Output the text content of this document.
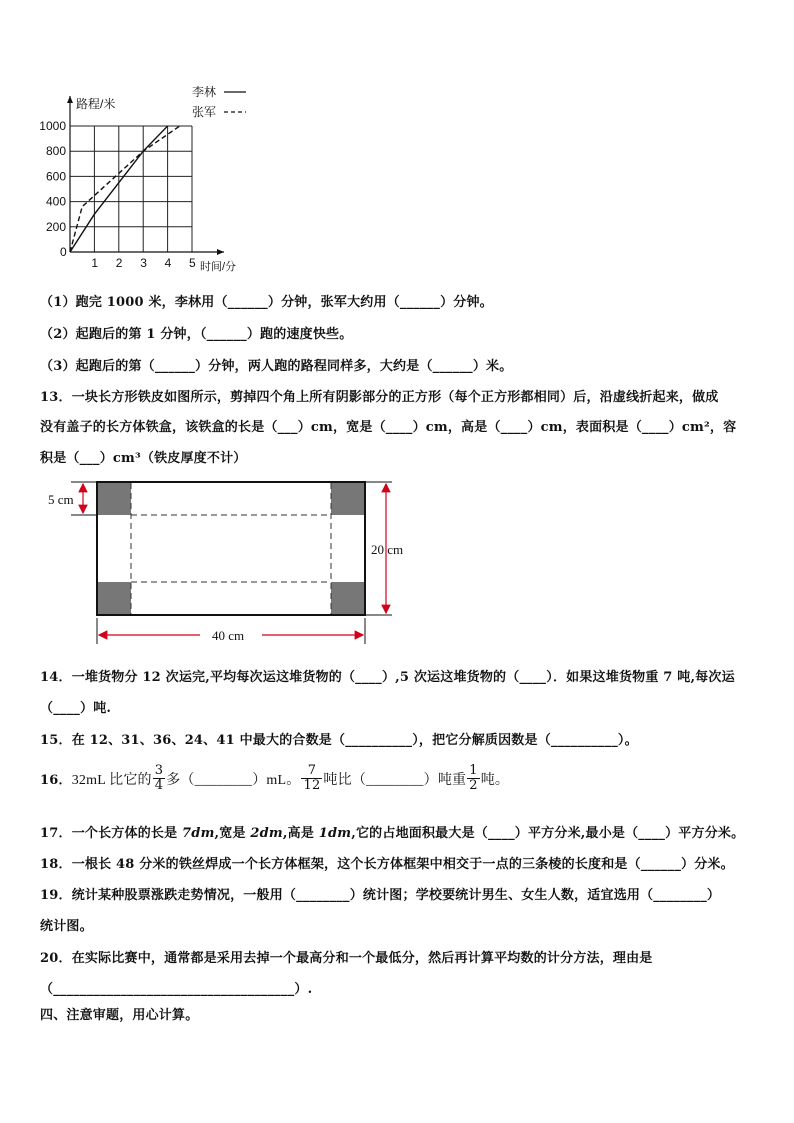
0
1 2 3 4 5
200
400
600
800
1000
路程/米
时间/分
李林
张军
（1）跑完 1000 米，李林用（______）分钟，张军大约用（______）分钟。
（2）起跑后的第 1 分钟，（______）跑的速度快些。
（3）起跑后的第（______）分钟，两人跑的路程同样多，大约是（______）米。
13．一块长方形铁皮如图所示，剪掉四个角上所有阴影部分的正方形（每个正方形都相同）后，沿虚线折起来，做成
没有盖子的长方体铁盒，该铁盒的长是（___）cm，宽是（____）cm，高是（____）cm，表面积是（____）cm²，容
积是（___）cm³（铁皮厚度不计）
5 cm
20 cm
40 cm
14．一堆货物分 12 次运完,平均每次运这堆货物的（____）,5 次运这堆货物的（____）．如果这堆货物重 7 吨,每次运
（____）吨.
15．在 12、31、36、24、41 中最大的合数是（__________），把它分解质因数是（__________）。
16． 32mL 比它的 $\frac{3}{4}$ 多（________）mL。 $\frac{7}{12}$ 吨比（________）吨重 $\frac{1}{2}$ 吨。
17．一个长方体的长是 7dm,宽是 2dm,高是 1dm,它的占地面积最大是（____）平方分米,最小是（____）平方分米。
18．一根长 48 分米的铁丝焊成一个长方体框架，这个长方体框架中相交于一点的三条棱的长度和是（______）分米。
19．统计某种股票涨跌走势情况，一般用（________）统计图；学校要统计男生、女生人数，适宜选用（________）
统计图。
20．在实际比赛中，通常都是采用去掉一个最高分和一个最低分，然后再计算平均数的计分方法，理由是
（____________________________________）.
四、注意审题，用心计算。
